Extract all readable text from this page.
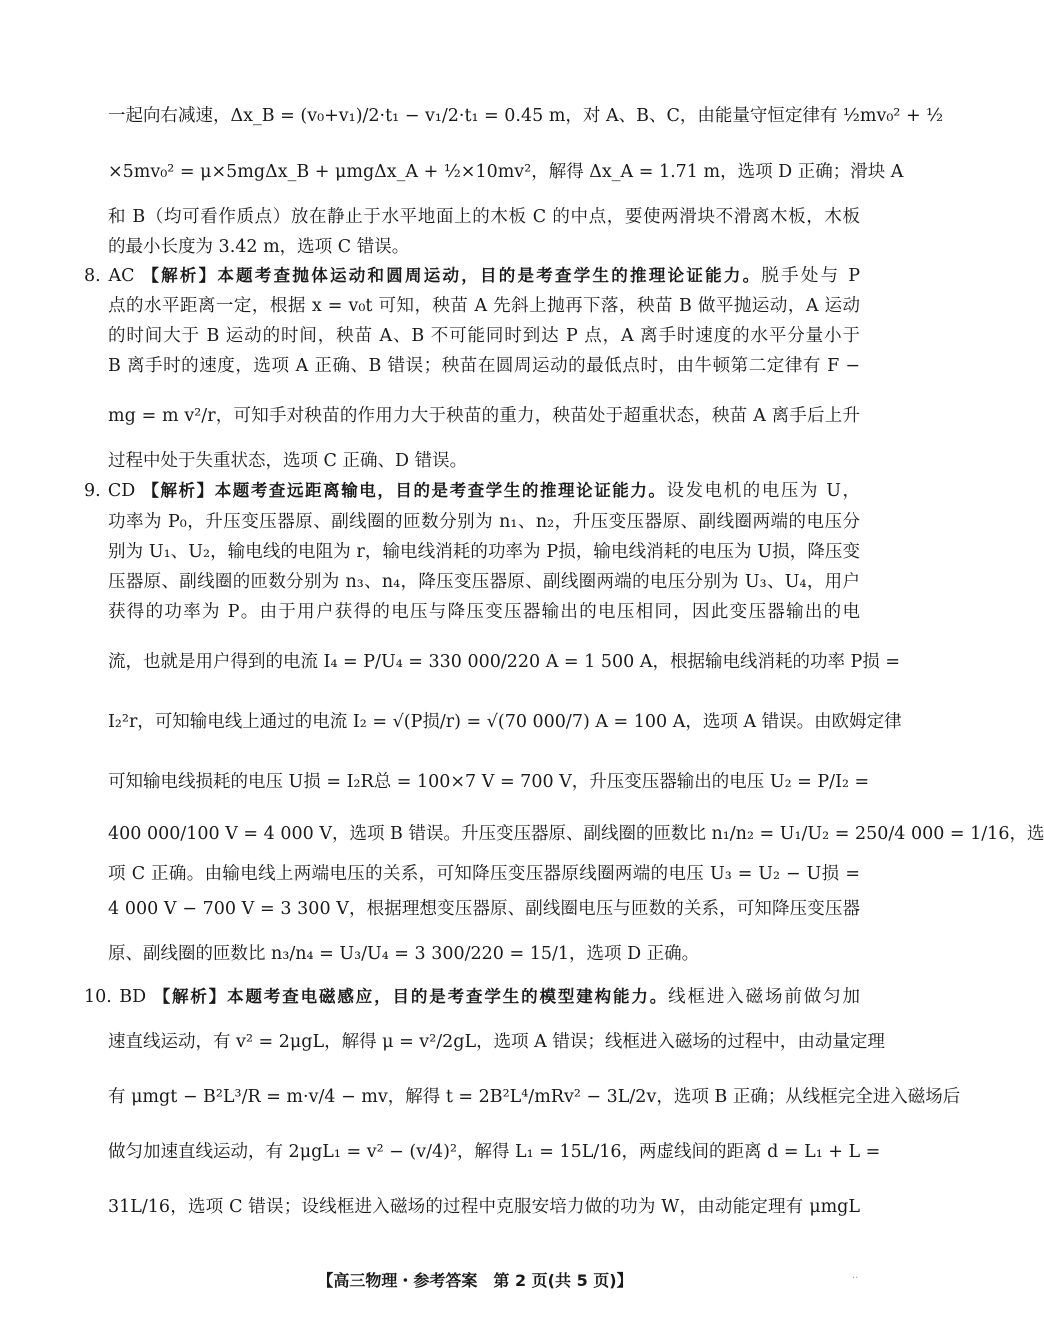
一起向右减速，Δx_B = (v₀+v₁)/2·t₁ − v₁/2·t₁ = 0.45 m，对 A、B、C，由能量守恒定律有 ½mv₀² + ½
×5mv₀² = μ×5mgΔx_B + μmgΔx_A + ½×10mv²，解得 Δx_A = 1.71 m，选项 D 正确；滑块 A
和 B（均可看作质点）放在静止于水平地面上的木板 C 的中点，要使两滑块不滑离木板，木板
的最小长度为 3.42 m，选项 C 错误。
8. AC 【解析】本题考查抛体运动和圆周运动，目的是考查学生的推理论证能力。脱手处与 P
点的水平距离一定，根据 x = v₀t 可知，秧苗 A 先斜上抛再下落，秧苗 B 做平抛运动，A 运动
的时间大于 B 运动的时间，秧苗 A、B 不可能同时到达 P 点，A 离手时速度的水平分量小于
B 离手时的速度，选项 A 正确、B 错误；秧苗在圆周运动的最低点时，由牛顿第二定律有 F −
mg = m v²/r，可知手对秧苗的作用力大于秧苗的重力，秧苗处于超重状态，秧苗 A 离手后上升
过程中处于失重状态，选项 C 正确、D 错误。
9. CD 【解析】本题考查远距离输电，目的是考查学生的推理论证能力。设发电机的电压为 U，
功率为 P₀，升压变压器原、副线圈的匝数分别为 n₁、n₂，升压变压器原、副线圈两端的电压分
别为 U₁、U₂，输电线的电阻为 r，输电线消耗的功率为 P损，输电线消耗的电压为 U损，降压变
压器原、副线圈的匝数分别为 n₃、n₄，降压变压器原、副线圈两端的电压分别为 U₃、U₄，用户
获得的功率为 P。由于用户获得的电压与降压变压器输出的电压相同，因此变压器输出的电
流，也就是用户得到的电流 I₄ = P/U₄ = 330 000/220 A = 1 500 A，根据输电线消耗的功率 P损 =
I₂²r，可知输电线上通过的电流 I₂ = √(P损/r) = √(70 000/7) A = 100 A，选项 A 错误。由欧姆定律
可知输电线损耗的电压 U损 = I₂R总 = 100×7 V = 700 V，升压变压器输出的电压 U₂ = P/I₂ =
400 000/100 V = 4 000 V，选项 B 错误。升压变压器原、副线圈的匝数比 n₁/n₂ = U₁/U₂ = 250/4 000 = 1/16，选
项 C 正确。由输电线上两端电压的关系，可知降压变压器原线圈两端的电压 U₃ = U₂ − U损 =
4 000 V − 700 V = 3 300 V，根据理想变压器原、副线圈电压与匝数的关系，可知降压变压器
原、副线圈的匝数比 n₃/n₄ = U₃/U₄ = 3 300/220 = 15/1，选项 D 正确。
10. BD 【解析】本题考查电磁感应，目的是考查学生的模型建构能力。线框进入磁场前做匀加
速直线运动，有 v² = 2μgL，解得 μ = v²/2gL，选项 A 错误；线框进入磁场的过程中，由动量定理
有 μmgt − B²L³/R = m·v/4 − mv，解得 t = 2B²L⁴/mRv² − 3L/2v，选项 B 正确；从线框完全进入磁场后
做匀加速直线运动，有 2μgL₁ = v² − (v/4)²，解得 L₁ = 15L/16，两虚线间的距离 d = L₁ + L =
31L/16，选项 C 错误；设线框进入磁场的过程中克服安培力做的功为 W，由动能定理有 μmgL
【高三物理・参考答案　第 2 页(共 5 页)】	··
